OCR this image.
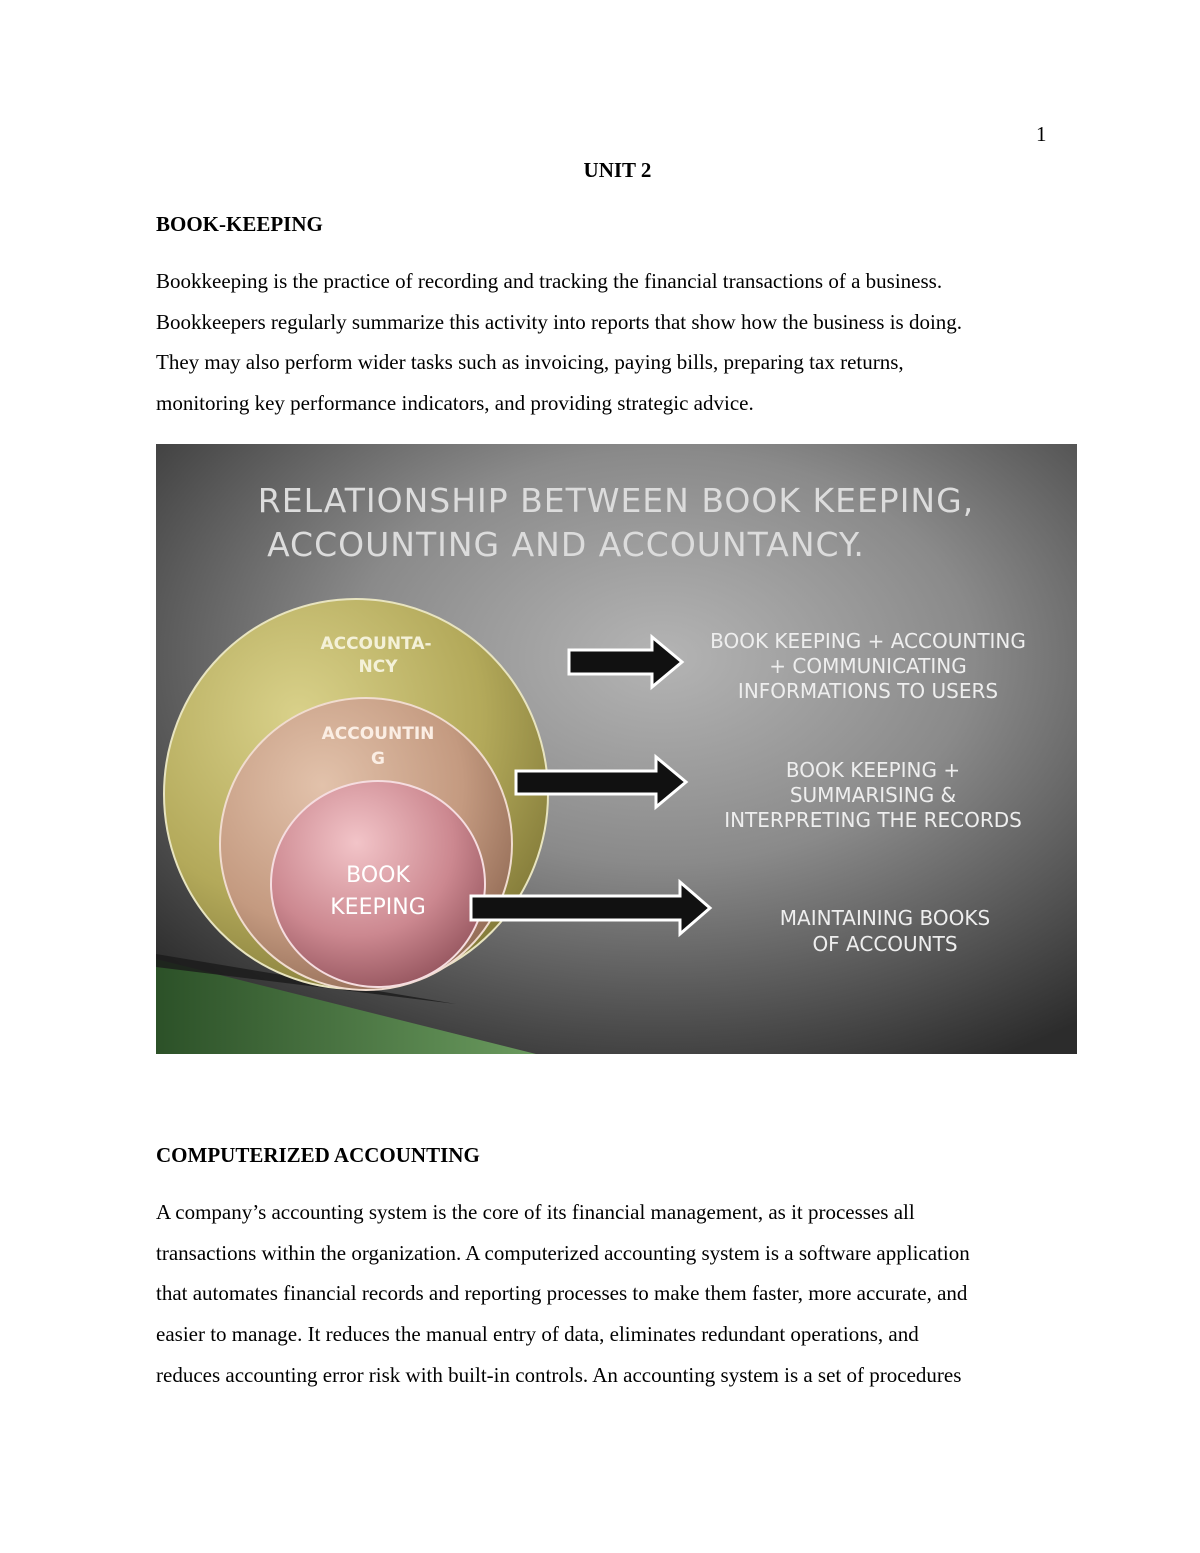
1
UNIT 2
BOOK-KEEPING
Bookkeeping is the practice of recording and tracking the financial transactions of a business.
Bookkeepers regularly summarize this activity into reports that show how the business is doing.
They may also perform wider tasks such as invoicing, paying bills, preparing tax returns,
monitoring key performance indicators, and providing strategic advice.
RELATIONSHIP BETWEEN BOOK KEEPING,
ACCOUNTING AND ACCOUNTANCY.
ACCOUNTA-
NCY
ACCOUNTIN
G
BOOK
KEEPING
BOOK KEEPING + ACCOUNTING
+ COMMUNICATING
INFORMATIONS TO USERS
BOOK KEEPING +
SUMMARISING &
INTERPRETING THE RECORDS
MAINTAINING BOOKS
OF ACCOUNTS
COMPUTERIZED ACCOUNTING
A company’s accounting system is the core of its financial management, as it processes all
transactions within the organization. A computerized accounting system is a software application
that automates financial records and reporting processes to make them faster, more accurate, and
easier to manage. It reduces the manual entry of data, eliminates redundant operations, and
reduces accounting error risk with built-in controls. An accounting system is a set of procedures
